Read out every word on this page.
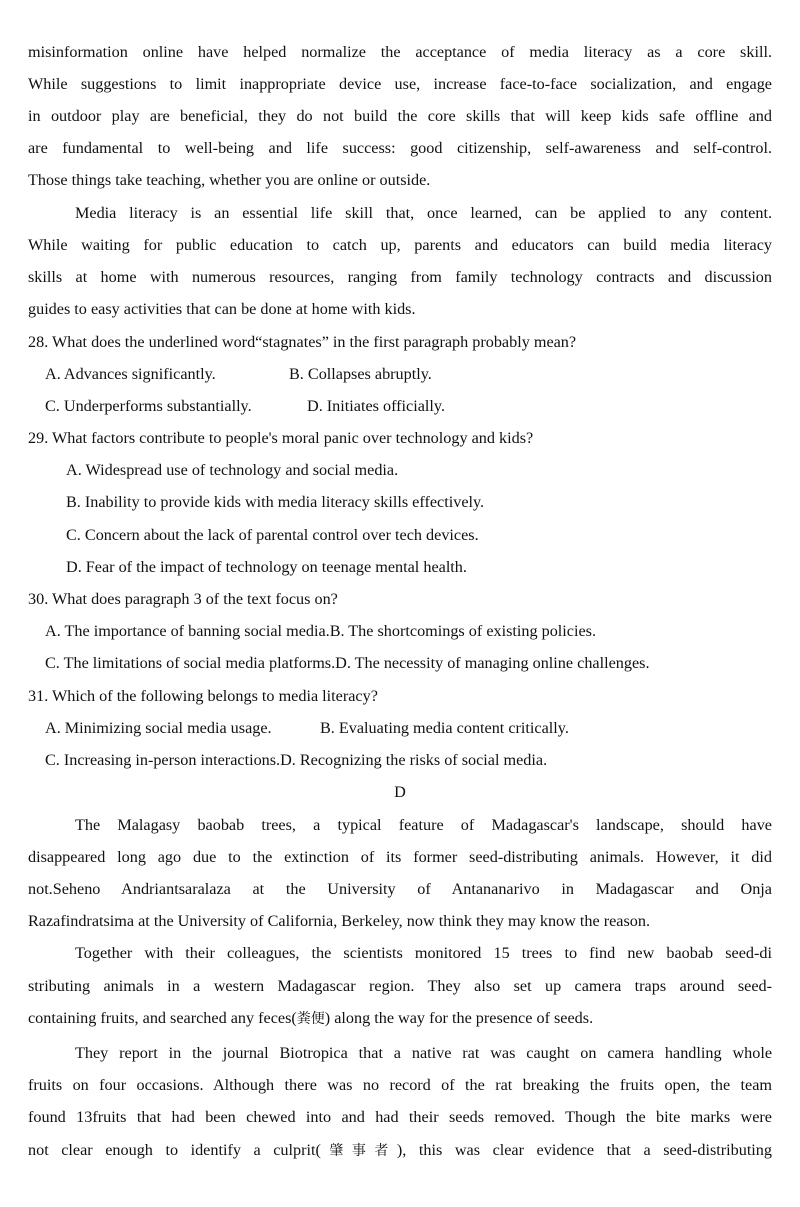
misinformation online have helped normalize the acceptance of media literacy as a core skill.
While suggestions to limit inappropriate device use, increase face-to-face socialization, and engage
in outdoor play are beneficial, they do not build the core skills that will keep kids safe offline and
are fundamental to well-being and life success: good citizenship, self-awareness and self-control.
Those things take teaching, whether you are online or outside.
Media literacy is an essential life skill that, once learned, can be applied to any content.
While waiting for public education to catch up, parents and educators can build media literacy
skills at home with numerous resources, ranging from family technology contracts and discussion
guides to easy activities that can be done at home with kids.
28. What does the underlined word“stagnates” in the first paragraph probably mean?
A. Advances significantly.	B. Collapses abruptly.
C. Underperforms substantially.	D. Initiates officially.
29. What factors contribute to people's moral panic over technology and kids?
A. Widespread use of technology and social media.
B. Inability to provide kids with media literacy skills effectively.
C. Concern about the lack of parental control over tech devices.
D. Fear of the impact of technology on teenage mental health.
30. What does paragraph 3 of the text focus on?
A. The importance of banning social media.B. The shortcomings of existing policies.
C. The limitations of social media platforms.D. The necessity of managing online challenges.
31. Which of the following belongs to media literacy?
A. Minimizing social media usage.	B. Evaluating media content critically.
C. Increasing in-person interactions.D. Recognizing the risks of social media.
D
The Malagasy baobab trees, a typical feature of Madagascar's landscape, should have
disappeared long ago due to the extinction of its former seed-distributing animals. However, it did
not.Seheno Andriantsaralaza at the University of Antananarivo in Madagascar and Onja
Razafindratsima at the University of California, Berkeley, now think they may know the reason.
Together with their colleagues, the scientists monitored 15 trees to find new baobab seed-di
stributing animals in a western Madagascar region. They also set up camera traps around seed-
containing fruits, and searched any feces(粪便) along the way for the presence of seeds.
They report in the journal Biotropica that a native rat was caught on camera handling whole
fruits on four occasions. Although there was no record of the rat breaking the fruits open, the team
found 13fruits that had been chewed into and had their seeds removed. Though the bite marks were
not clear enough to identify a culprit(肇事者), this was clear evidence that a seed-distributing
